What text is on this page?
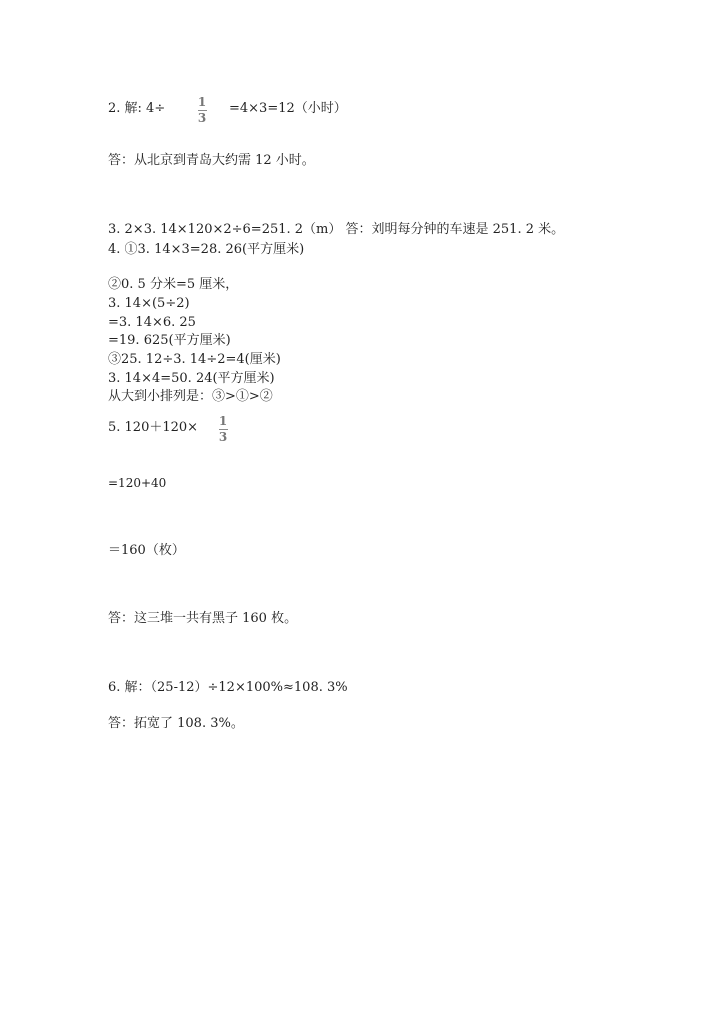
2. 解: 4÷	1
3
=4×3=12（小时）
答：从北京到青岛大约需 12 小时。
3. 2×3. 14×120×2÷6=251. 2（m） 答：刘明每分钟的车速是 251. 2 米。
4. ①3. 14×3=28. 26(平方厘米)
②0. 5 分米=5 厘米，
3. 14×(5÷2)
=3. 14×6. 25
=19. 625(平方厘米)
③25. 12÷3. 14÷2=4(厘米)
3. 14×4=50. 24(平方厘米)
从大到小排列是：③>①>②
5. 120＋120× 1
3
=120+40
＝160（枚）
答：这三堆一共有黑子 160 枚。
6. 解：（25-12）÷12×100%≈108. 3%
答：拓宽了 108. 3%。
